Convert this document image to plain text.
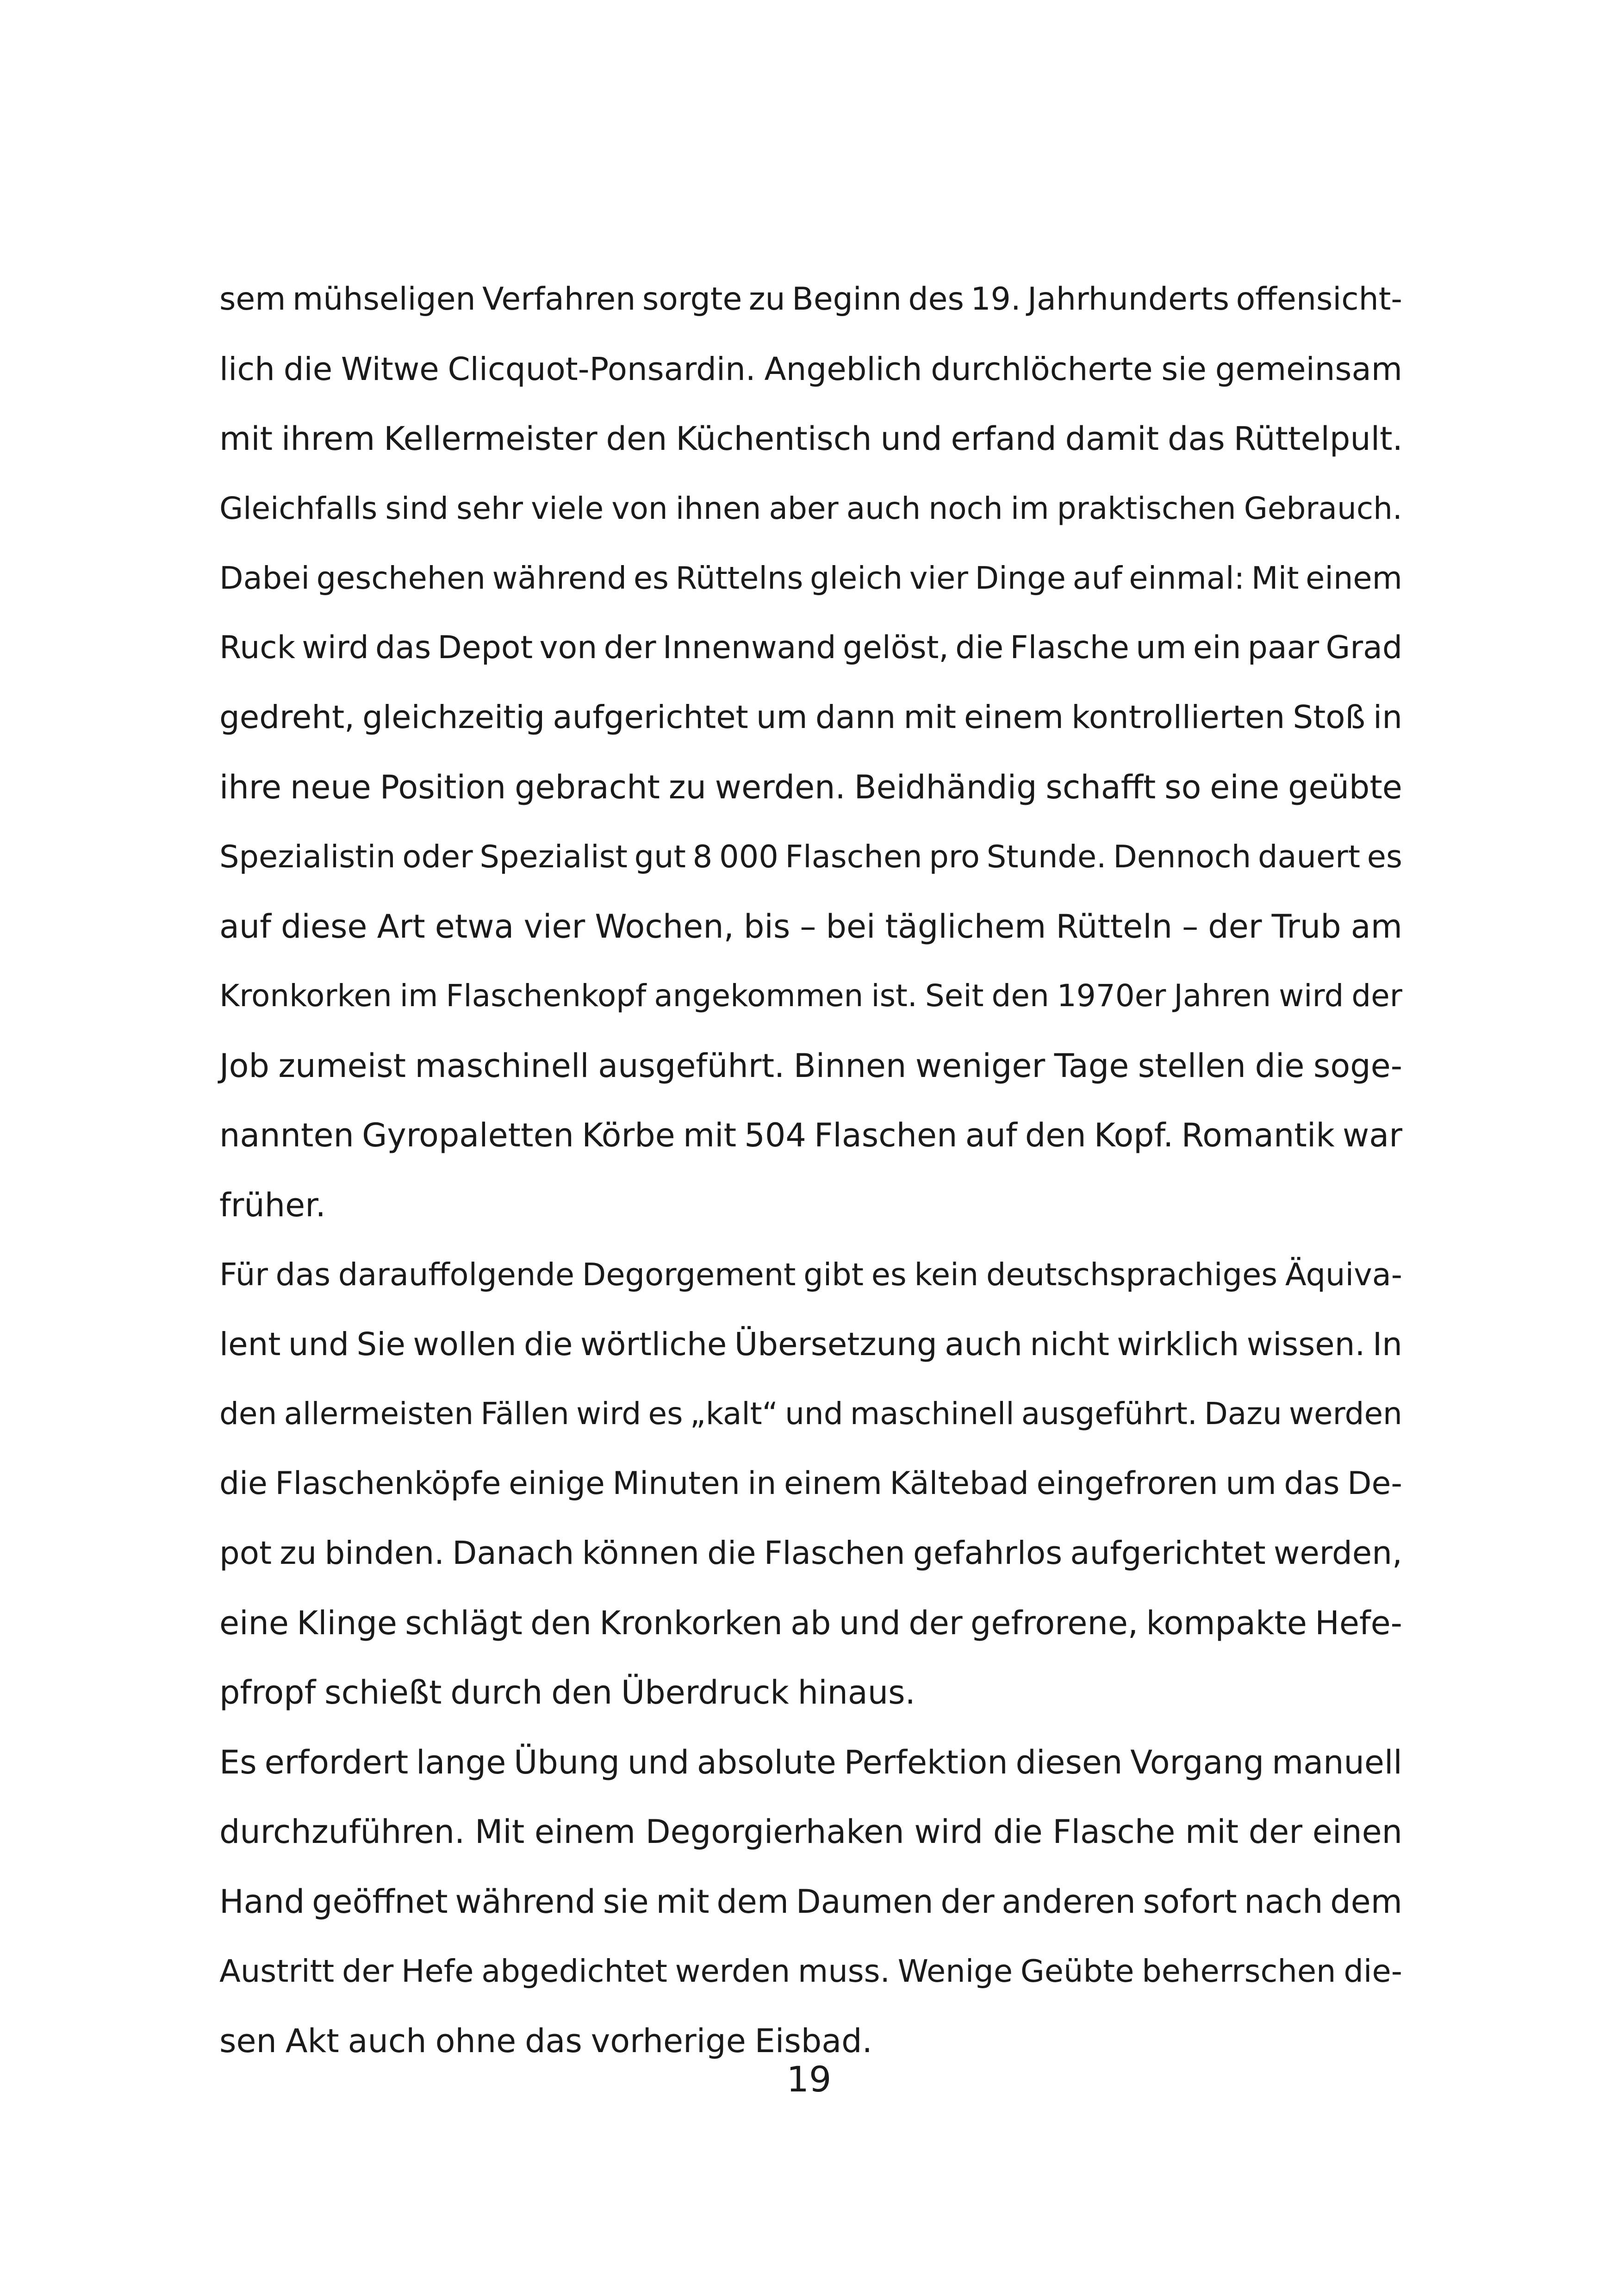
sem mühseligen Verfahren sorgte zu Beginn des 19. Jahrhunderts offensicht-
lich die Witwe Clicquot-Ponsardin. Angeblich durchlöcherte sie gemeinsam
mit ihrem Kellermeister den Küchentisch und erfand damit das Rüttelpult.
Gleichfalls sind sehr viele von ihnen aber auch noch im praktischen Gebrauch.
Dabei geschehen während es Rüttelns gleich vier Dinge auf einmal: Mit einem
Ruck wird das Depot von der Innenwand gelöst, die Flasche um ein paar Grad
gedreht, gleichzeitig aufgerichtet um dann mit einem kontrollierten Stoß in
ihre neue Position gebracht zu werden. Beidhändig schafft so eine geübte
Spezialistin oder Spezialist gut 8 000 Flaschen pro Stunde. Dennoch dauert es
auf diese Art etwa vier Wochen, bis – bei täglichem Rütteln – der Trub am
Kronkorken im Flaschenkopf angekommen ist. Seit den 1970er Jahren wird der
Job zumeist maschinell ausgeführt. Binnen weniger Tage stellen die soge-
nannten Gyropaletten Körbe mit 504 Flaschen auf den Kopf. Romantik war
früher.
Für das darauffolgende Degorgement gibt es kein deutschsprachiges Äquiva-
lent und Sie wollen die wörtliche Übersetzung auch nicht wirklich wissen. In
den allermeisten Fällen wird es „kalt“ und maschinell ausgeführt. Dazu werden
die Flaschenköpfe einige Minuten in einem Kältebad eingefroren um das De-
pot zu binden. Danach können die Flaschen gefahrlos aufgerichtet werden,
eine Klinge schlägt den Kronkorken ab und der gefrorene, kompakte Hefe-
pfropf schießt durch den Überdruck hinaus.
Es erfordert lange Übung und absolute Perfektion diesen Vorgang manuell
durchzuführen. Mit einem Degorgierhaken wird die Flasche mit der einen
Hand geöffnet während sie mit dem Daumen der anderen sofort nach dem
Austritt der Hefe abgedichtet werden muss. Wenige Geübte beherrschen die-
sen Akt auch ohne das vorherige Eisbad.
19
